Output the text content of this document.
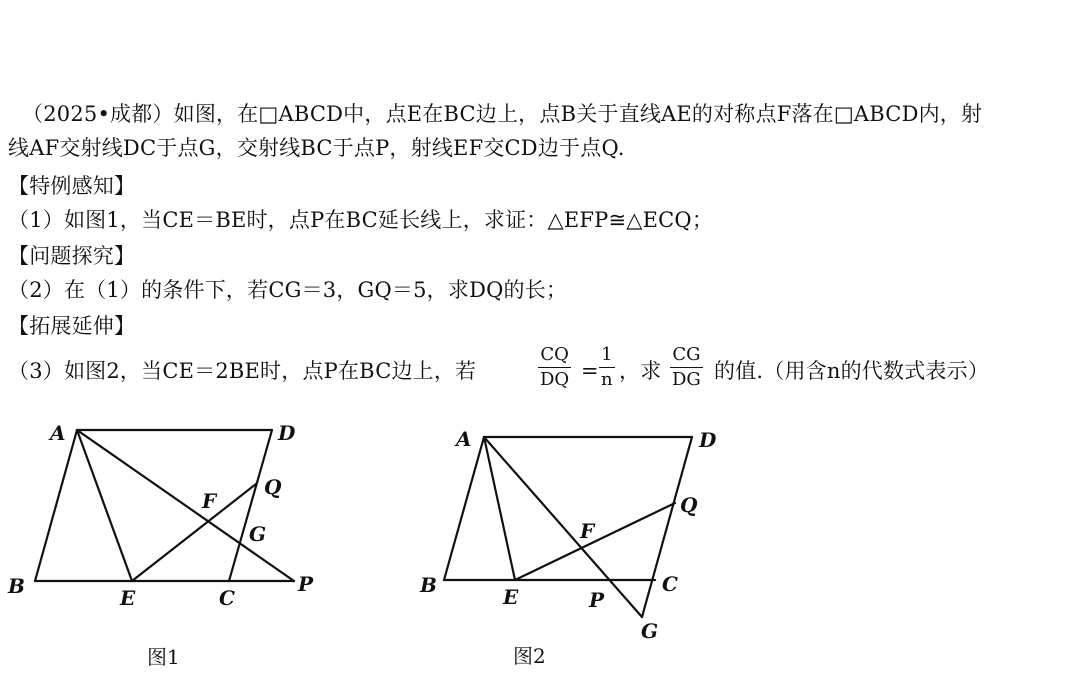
（2025•成都）如图，在□ABCD中，点E在BC边上，点B关于直线AE的对称点F落在□ABCD内，射
线AF交射线DC于点G，交射线BC于点P，射线EF交CD边于点Q.
【特例感知】
（1）如图1，当CE＝BE时，点P在BC延长线上，求证：△EFP≅△ECQ；
【问题探究】
（2）在（1）的条件下，若CG＝3，GQ＝5，求DQ的长；
【拓展延伸】
（3）如图2，当CE＝2BE时，点P在BC边上，若
CQ
DQ =
1
n ，求
CG
DG 的值.（用含n的代数式表示）
A	D
B	E	C
P
F
G
Q
图1
A	D
B	E
C
P
F
G
Q
图2
